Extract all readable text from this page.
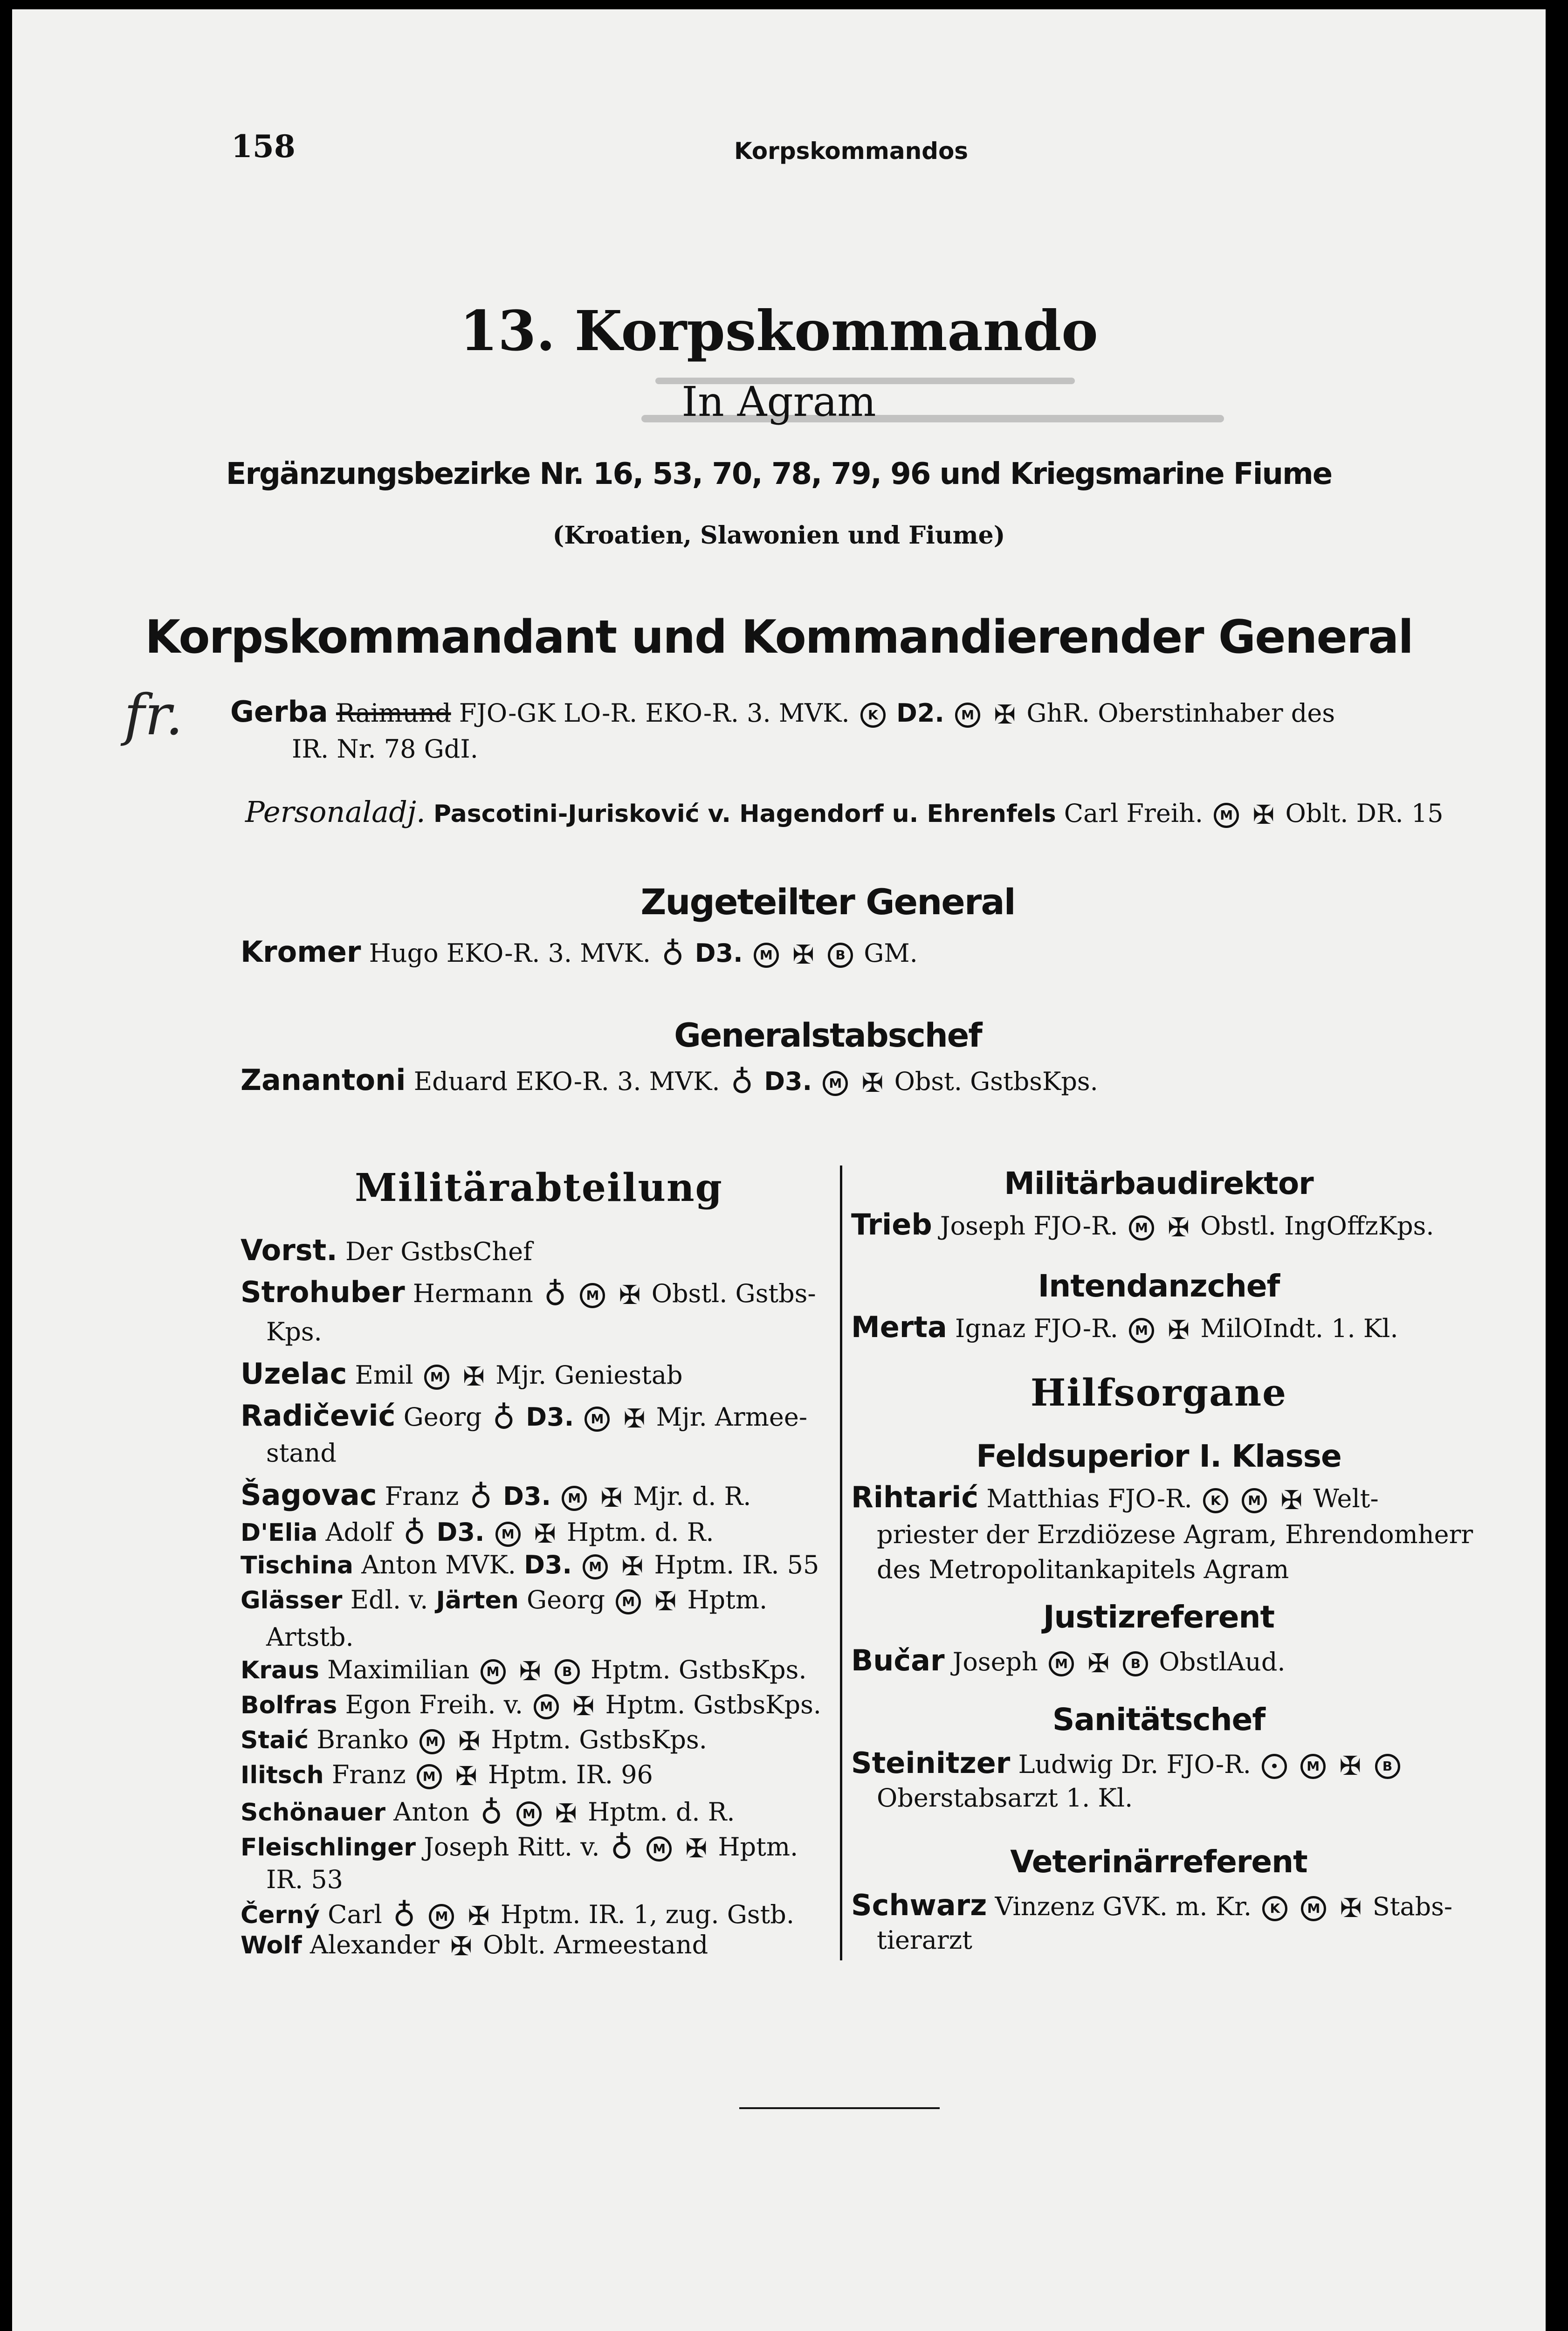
158	Korpskommandos
13. Korpskommando
In Agram
Ergänzungsbezirke Nr. 16, 53, 70, 78, 79, 96 und Kriegsmarine Fiume
(Kroatien, Slawonien und Fiume)
Korpskommandant und Kommandierender General
fr. Gerba Raimund FJO-GK LO-R. EKO-R. 3. MVK. K D2. M ✠ GhR. Oberstinhaber des
IR. Nr. 78 GdI.
Personaladj. Pascotini-Jurisković v. Hagendorf u. Ehrenfels Carl Freih. M ✠ Oblt. DR. 15
Zugeteilter General
Kromer Hugo EKO-R. 3. MVK. ♁ D3. M ✠ B GM.
Generalstabschef
Zanantoni Eduard EKO-R. 3. MVK. ♁ D3. M ✠ Obst. GstbsKps.
Militärabteilung
Vorst. Der GstbsChef
Strohuber Hermann ♁ M ✠ Obstl. Gstbs-
Kps.
Uzelac Emil M ✠ Mjr. Geniestab
Radičević Georg ♁ D3. M ✠ Mjr. Armee-
stand
Šagovac Franz ♁ D3. M ✠ Mjr. d. R.
D'Elia Adolf ♁ D3. M ✠ Hptm. d. R.
Tischina Anton MVK. D3. M ✠ Hptm. IR. 55
Glässer Edl. v. Järten Georg M ✠ Hptm.
Artstb.
Kraus Maximilian M ✠ B Hptm. GstbsKps.
Bolfras Egon Freih. v. M ✠ Hptm. GstbsKps.
Staić Branko M ✠ Hptm. GstbsKps.
Ilitsch Franz M ✠ Hptm. IR. 96
Schönauer Anton ♁ M ✠ Hptm. d. R.
Fleischlinger Joseph Ritt. v. ♁ M ✠ Hptm.
IR. 53
Černý Carl ♁ M ✠ Hptm. IR. 1, zug. Gstb.
Wolf Alexander ✠ Oblt. Armeestand
Militärbaudirektor
Trieb Joseph FJO-R. M ✠ Obstl. IngOffzKps.
Intendanzchef
Merta Ignaz FJO-R. M ✠ MilOIndt. 1. Kl.
Hilfsorgane
Feldsuperior I. Klasse
Rihtarić Matthias FJO-R. K M ✠ Welt-
priester der Erzdiözese Agram, Ehrendomherr
des Metropolitankapitels Agram
Justizreferent
Bučar Joseph M ✠ B ObstlAud.
Sanitätschef
Steinitzer Ludwig Dr. FJO-R. • M ✠ B
Oberstabsarzt 1. Kl.
Veterinärreferent
Schwarz Vinzenz GVK. m. Kr. K M ✠ Stabs-
tierarzt
